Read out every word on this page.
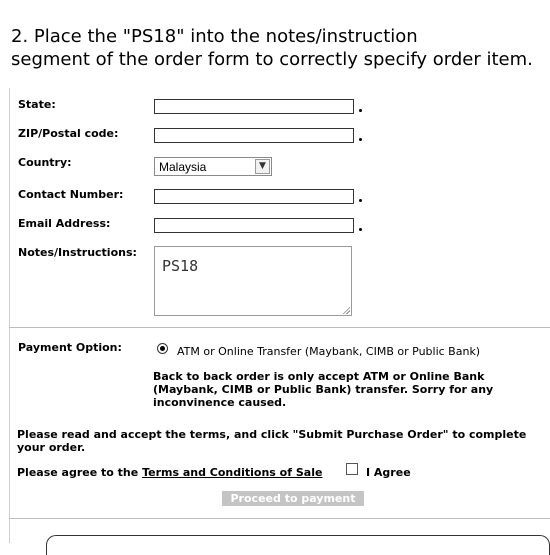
2. Place the "PS18" into the notes/instruction
segment of the order form to correctly specify order item.
State:
ZIP/Postal code:
Country:	Malaysia	▼
Contact Number:
Email Address:
Notes/Instructions:
PS18
Payment Option:	ATM or Online Transfer (Maybank, CIMB or Public Bank)
Back to back order is only accept ATM or Online Bank (Maybank, CIMB or Public Bank) transfer. Sorry for any inconvinence caused.
Please read and accept the terms, and click "Submit Purchase Order" to complete your order.
Please agree to the Terms and Conditions of Sale	I Agree
Proceed to payment
